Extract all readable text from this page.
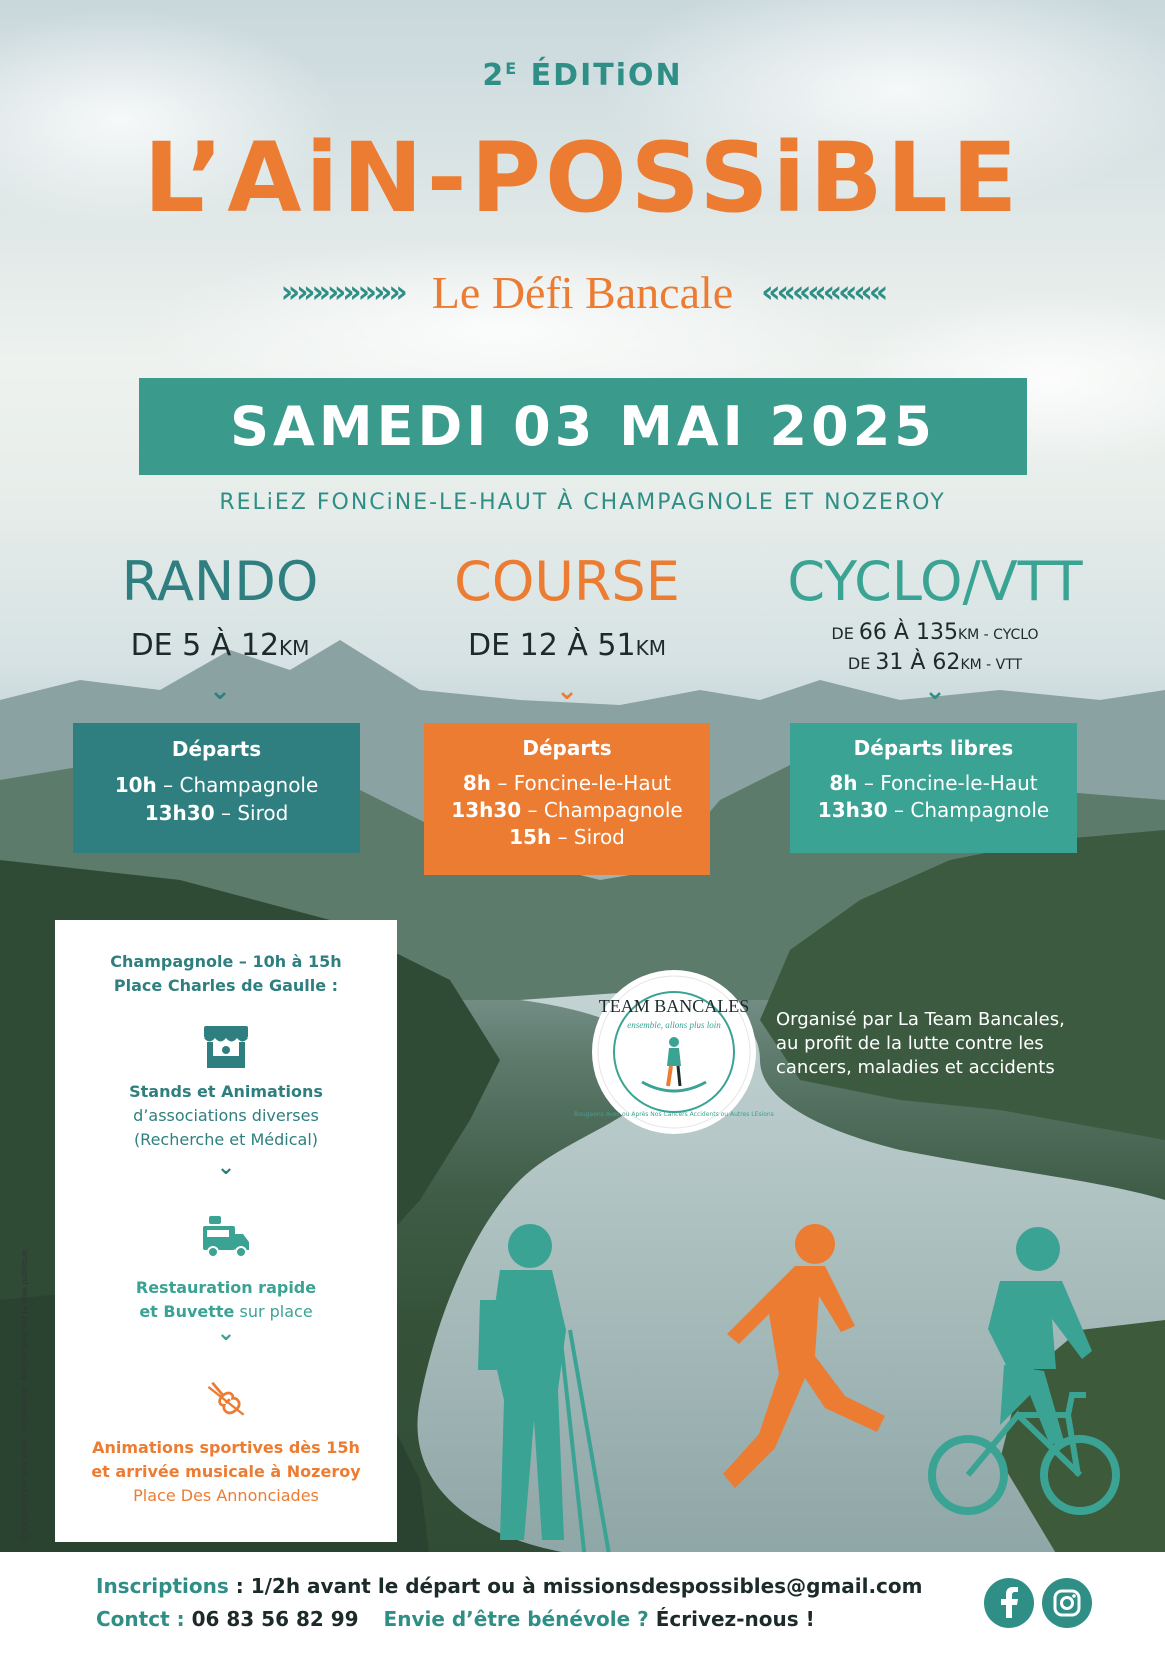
$2^E$ ÉDITiON
L’AiN-POSSiBLE
»»»»»»»» Le Défi Bancale ««««««««
SAMEDI 03 MAI 2025
RELiEZ FONCiNE-LE-HAUT À CHAMPAGNOLE ET NOZEROY
RANDO
DE 5 À 12KM
⌄
Départs
10h – Champagnole
13h30 – Sirod
COURSE
DE 12 À 51KM
⌄
Départs
8h – Foncine-le-Haut
13h30 – Champagnole
15h – Sirod
CYCLO/VTT
DE 66 À 135KM - CYCLO
DE 31 À 62KM - VTT
⌄
Départs libres
8h – Foncine-le-Haut
13h30 – Champagnole
Conception par nos soins - Impression · Ne pas jeter sur la voie publique.
Champagnole – 10h à 15h
Place Charles de Gaulle :
Stands et Animations
d’associations diverses
(Recherche et Médical)
⌄
Restauration rapide
et Buvette sur place
⌄
Animations sportives dès 15h
et arrivée musicale à Nozeroy
Place Des Annonciades
TEAM BANCALES
ensemble, allons plus loin
Bougeons Avec ou Après Nos Cancers Accidents ou Autres LEsions
Organisé par La Team Bancales,
au profit de la lutte contre les
cancers, maladies et accidents
Inscriptions : 1/2h avant le départ ou à missionsdespossibles@gmail.com
Contct : 06 83 56 82 99 Envie d’être bénévole ? Écrivez-nous !
